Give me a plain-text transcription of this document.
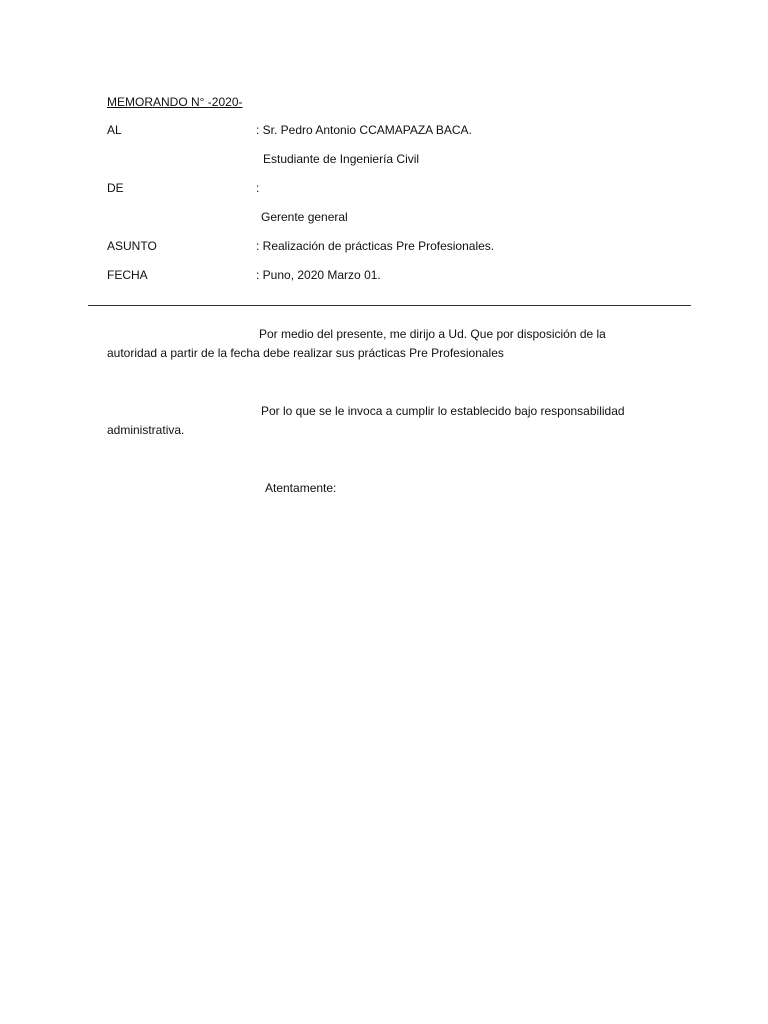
MEMORANDO N° -2020-
AL	: Sr. Pedro Antonio CCAMAPAZA BACA.
Estudiante de Ingeniería Civil
DE	:
Gerente general
ASUNTO	: Realización de prácticas Pre Profesionales.
FECHA	: Puno, 2020 Marzo 01.
Por medio del presente, me dirijo a Ud. Que por disposición de la
autoridad a partir de la fecha debe realizar sus prácticas Pre Profesionales
Por lo que se le invoca a cumplir lo establecido bajo responsabilidad
administrativa.
Atentamente:
